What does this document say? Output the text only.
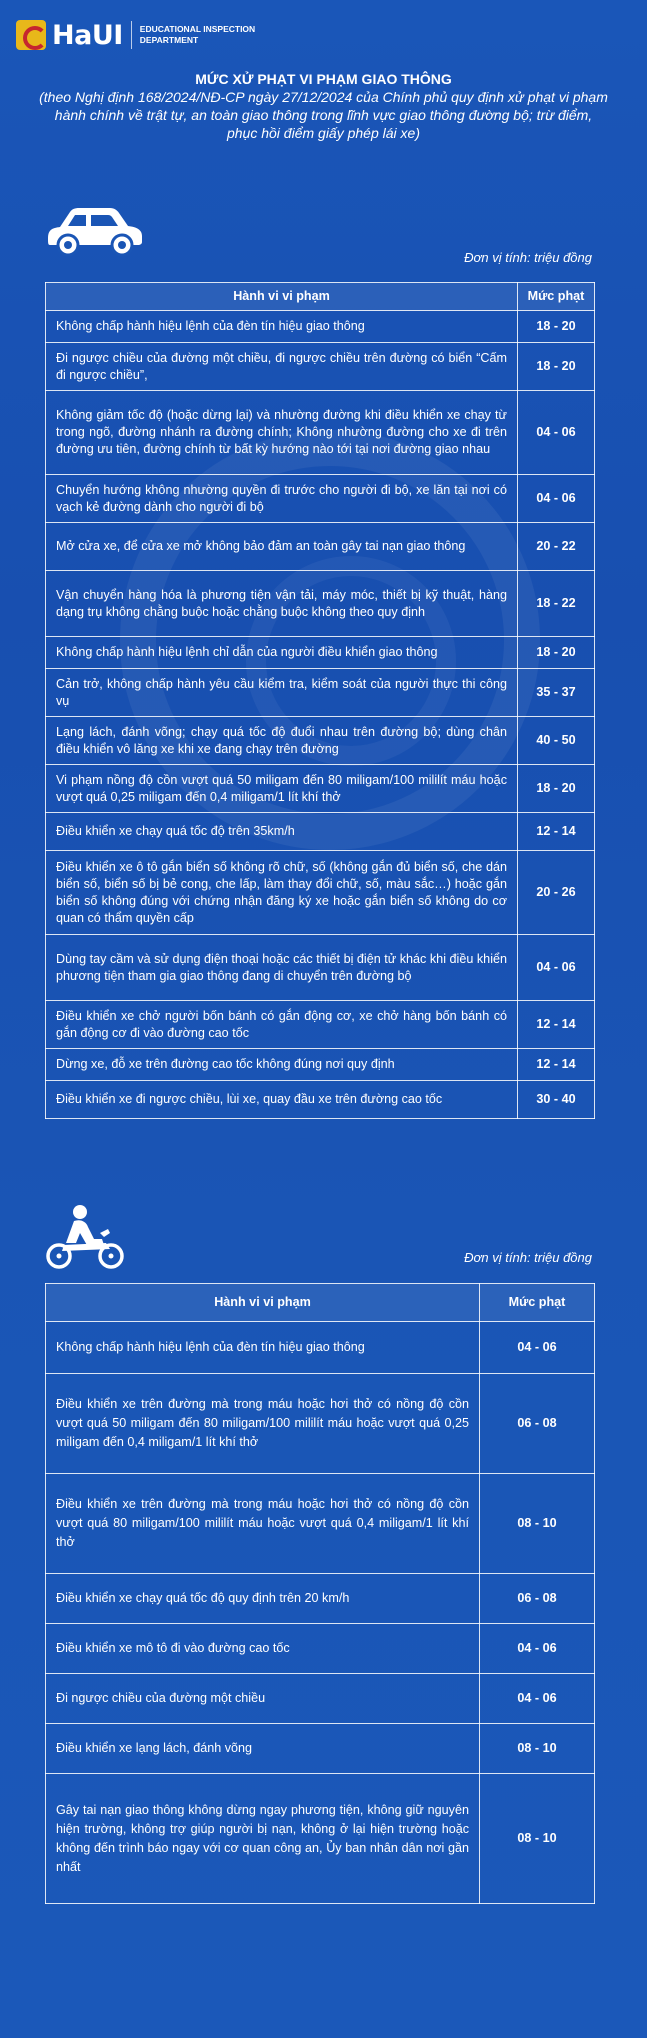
HaUI EDUCATIONAL INSPECTION DEPARTMENT
MỨC XỬ PHẠT VI PHẠM GIAO THÔNG
(theo Nghị định 168/2024/NĐ-CP ngày 27/12/2024 của Chính phủ quy định xử phạt vi phạm hành chính về trật tự, an toàn giao thông trong lĩnh vực giao thông đường bộ; trừ điểm, phục hồi điểm giấy phép lái xe)
Đơn vị tính: triệu đồng
Hành vi vi phạm	Mức phạt
Không chấp hành hiệu lệnh của đèn tín hiệu giao thông	18 - 20
Đi ngược chiều của đường một chiều, đi ngược chiều trên đường có biển “Cấm đi ngược chiều”,	18 - 20
Không giảm tốc độ (hoặc dừng lại) và nhường đường khi điều khiển xe chạy từ trong ngõ, đường nhánh ra đường chính; Không nhường đường cho xe đi trên đường ưu tiên, đường chính từ bất kỳ hướng nào tới tại nơi đường giao nhau	04 - 06
Chuyển hướng không nhường quyền đi trước cho người đi bộ, xe lăn tại nơi có vạch kẻ đường dành cho người đi bộ	04 - 06
Mở cửa xe, để cửa xe mở không bảo đảm an toàn gây tai nạn giao thông	20 - 22
Vận chuyển hàng hóa là phương tiện vận tải, máy móc, thiết bị kỹ thuật, hàng dạng trụ không chằng buộc hoặc chằng buộc không theo quy định	18 - 22
Không chấp hành hiệu lệnh chỉ dẫn của người điều khiển giao thông	18 - 20
Cản trở, không chấp hành yêu cầu kiểm tra, kiểm soát của người thực thi công vụ	35 - 37
Lạng lách, đánh võng; chạy quá tốc độ đuổi nhau trên đường bộ; dùng chân điều khiển vô lăng xe khi xe đang chạy trên đường	40 - 50
Vi phạm nồng độ cồn vượt quá 50 miligam đến 80 miligam/100 mililít máu hoặc vượt quá 0,25 miligam đến 0,4 miligam/1 lít khí thở	18 - 20
Điều khiển xe chạy quá tốc độ trên 35km/h	12 - 14
Điều khiển xe ô tô gắn biển số không rõ chữ, số (không gắn đủ biển số, che dán biển số, biển số bị bẻ cong, che lấp, làm thay đổi chữ, số, màu sắc…) hoặc gắn biển số không đúng với chứng nhận đăng ký xe hoặc gắn biển số không do cơ quan có thẩm quyền cấp	20 - 26
Dùng tay cầm và sử dụng điện thoại hoặc các thiết bị điện tử khác khi điều khiển phương tiện tham gia giao thông đang di chuyển trên đường bộ	04 - 06
Điều khiển xe chở người bốn bánh có gắn động cơ, xe chở hàng bốn bánh có gắn động cơ đi vào đường cao tốc	12 - 14
Dừng xe, đỗ xe trên đường cao tốc không đúng nơi quy định	12 - 14
Điều khiển xe đi ngược chiều, lùi xe, quay đầu xe trên đường cao tốc	30 - 40
Đơn vị tính: triệu đồng
Hành vi vi phạm	Mức phạt
Không chấp hành hiệu lệnh của đèn tín hiệu giao thông	04 - 06
Điều khiển xe trên đường mà trong máu hoặc hơi thở có nồng độ cồn vượt quá 50 miligam đến 80 miligam/100 mililít máu hoặc vượt quá 0,25 miligam đến 0,4 miligam/1 lít khí thở	06 - 08
Điều khiển xe trên đường mà trong máu hoặc hơi thở có nồng độ cồn vượt quá 80 miligam/100 mililít máu hoặc vượt quá 0,4 miligam/1 lít khí thở	08 - 10
Điều khiển xe chạy quá tốc độ quy định trên 20 km/h	06 - 08
Điều khiển xe mô tô đi vào đường cao tốc	04 - 06
Đi ngược chiều của đường một chiều	04 - 06
Điều khiển xe lạng lách, đánh võng	08 - 10
Gây tai nạn giao thông không dừng ngay phương tiện, không giữ nguyên hiện trường, không trợ giúp người bị nạn, không ở lại hiện trường hoặc không đến trình báo ngay với cơ quan công an, Ủy ban nhân dân nơi gần nhất	08 - 10
